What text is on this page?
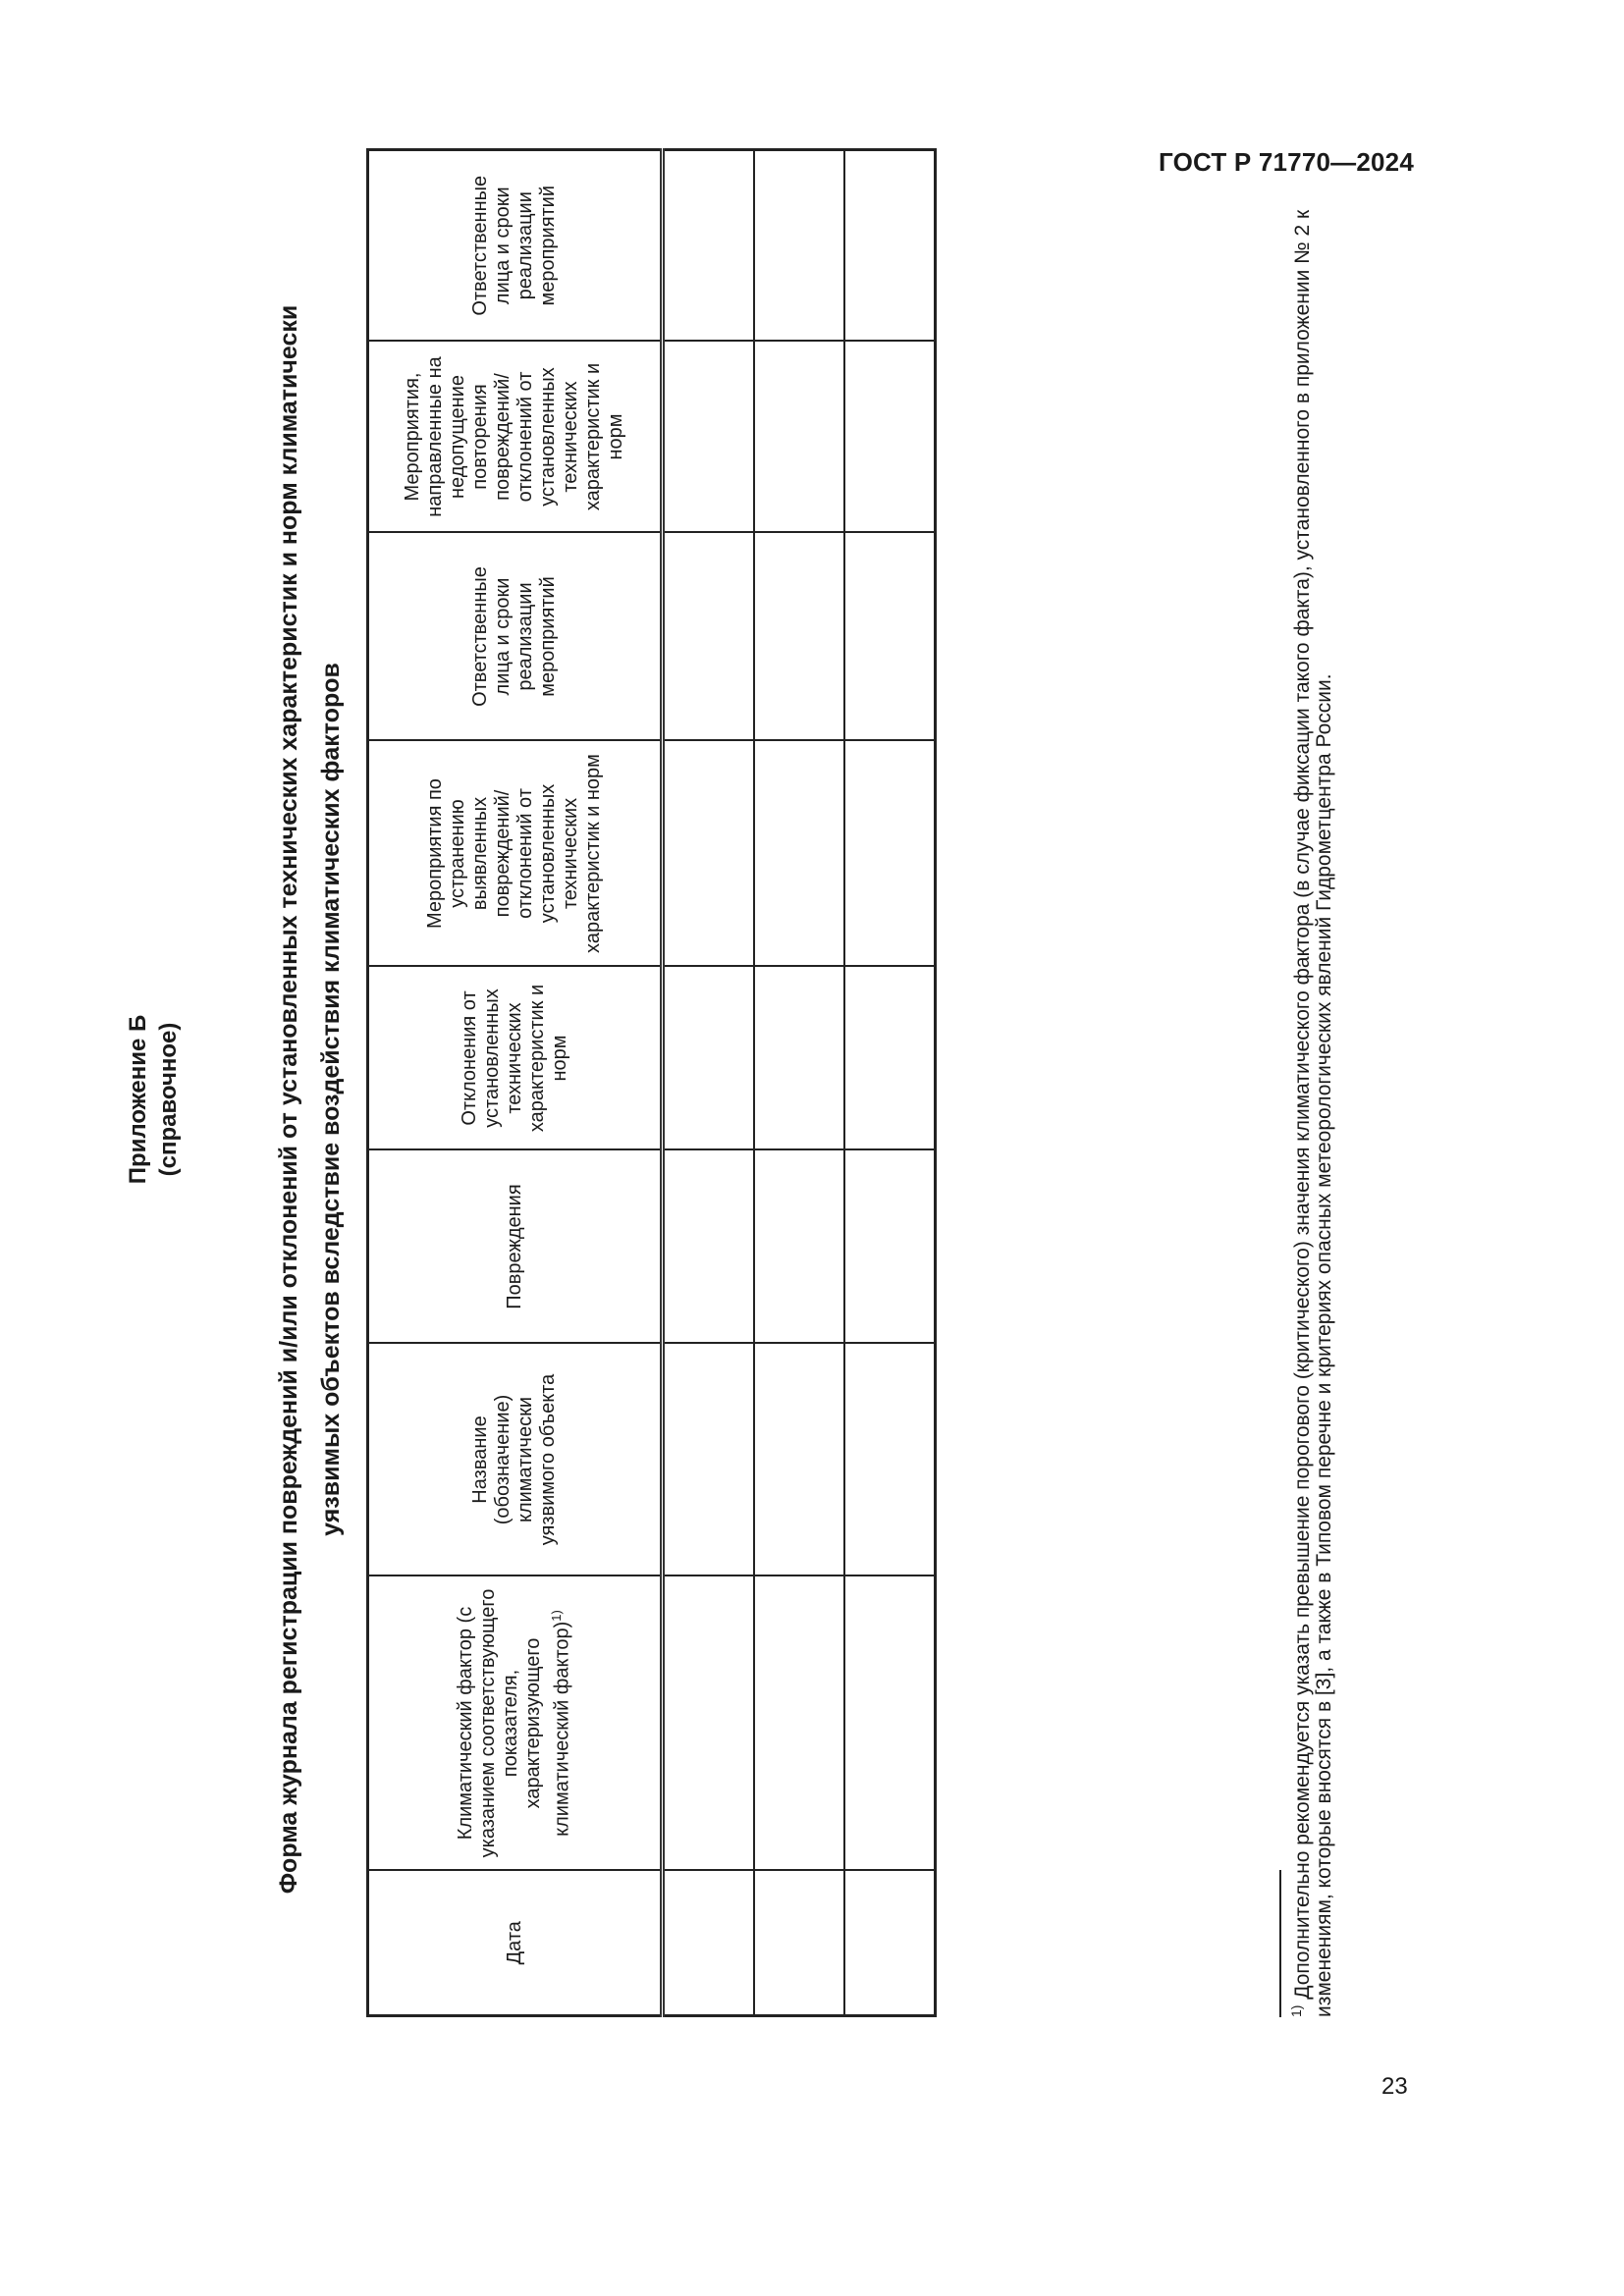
ГОСТ Р 71770—2024
Приложение Б (справочное)	Форма журнала регистрации повреждений и/или отклонений от установленных технических характеристик и норм климатически уязвимых объектов вследствие воздействия климатических факторов
Дата	Климатический фактор (с указанием соответствующего показателя, характеризующего климатический фактор)$^{1)}$	Название (обозначение) климатически уязвимого объекта	Повреждения	Отклонения от установленных технических характеристик и норм	Мероприятия по устранению выявленных повреждений/ отклонений от установленных технических характеристик и норм	Ответственные лица и сроки реализации мероприятий	Мероприятия, направленные на недопущение повторения повреждений/ отклонений от установленных технических характеристик и норм	Ответственные лица и сроки реализации мероприятий

$^{1)}$ Дополнительно рекомендуется указать превышение порогового (критического) значения климатического фактора (в случае фиксации такого факта), установленного в приложении № 2 к изменениям, которые вносятся в [3], а также в Типовом перечне и критериях опасных метеорологических явлений Гидрометцентра России.
23
